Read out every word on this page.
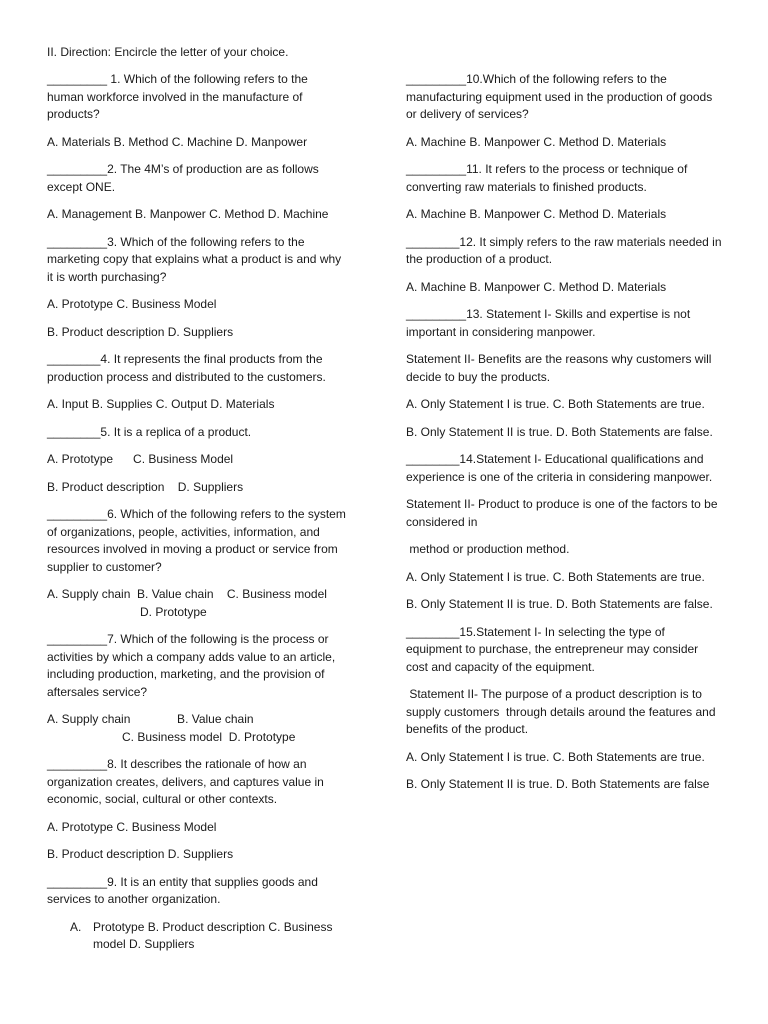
II. Direction: Encircle the letter of your choice.
_________ 1. Which of the following refers to the human workforce involved in the manufacture of products?
A. Materials B. Method C. Machine D. Manpower
_________2. The 4M’s of production are as follows except ONE.
A. Management B. Manpower C. Method D. Machine
_________3. Which of the following refers to the marketing copy that explains what a product is and why it is worth purchasing?
A. Prototype C. Business Model
B. Product description D. Suppliers
________4. It represents the final products from the production process and distributed to the customers.
A. Input B. Supplies C. Output D. Materials
________5. It is a replica of a product.
A. Prototype      C. Business Model
B. Product description    D. Suppliers
_________6. Which of the following refers to the system of organizations, people, activities, information, and resources involved in moving a product or service from supplier to customer?
A. Supply chain  B. Value chain    C. Business model
D. Prototype
_________7. Which of the following is the process or activities by which a company adds value to an article, including production, marketing, and the provision of aftersales service?
A. Supply chain              B. Value chain
C. Business model  D. Prototype
_________8. It describes the rationale of how an organization creates, delivers, and captures value in economic, social, cultural or other contexts.
A. Prototype C. Business Model
B. Product description D. Suppliers
_________9. It is an entity that supplies goods and services to another organization.
A. Prototype B. Product description C. Business model D. Suppliers
_________10.Which of the following refers to the manufacturing equipment used in the production of goods or delivery of services?
A. Machine B. Manpower C. Method D. Materials
_________11. It refers to the process or technique of converting raw materials to finished products.
A. Machine B. Manpower C. Method D. Materials
________12. It simply refers to the raw materials needed in the production of a product.
A. Machine B. Manpower C. Method D. Materials
_________13. Statement I- Skills and expertise is not important in considering manpower.
Statement II- Benefits are the reasons why customers will decide to buy the products.
A. Only Statement I is true. C. Both Statements are true.
B. Only Statement II is true. D. Both Statements are false.
________14.Statement I- Educational qualifications and experience is one of the criteria in considering manpower.
Statement II- Product to produce is one of the factors to be considered in
method or production method.
A. Only Statement I is true. C. Both Statements are true.
B. Only Statement II is true. D. Both Statements are false.
________15.Statement I- In selecting the type of equipment to purchase, the entrepreneur may consider cost and capacity of the equipment.
Statement II- The purpose of a product description is to supply customers  through details around the features and benefits of the product.
A. Only Statement I is true. C. Both Statements are true.
B. Only Statement II is true. D. Both Statements are false
